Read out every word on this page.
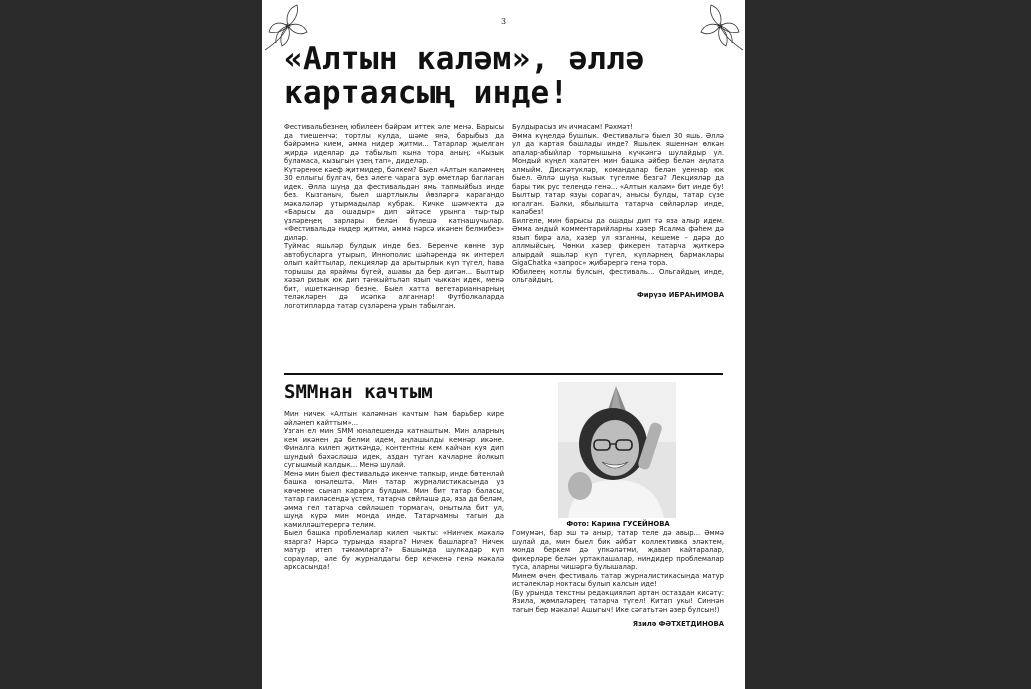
3
«Алтын каләм», әллә картаясың инде!

Фестивальбезнең юбилеен бәйрәм иттек әле менә. Барысы да тиешенчә: тортлы кулда, шәме янә, барыбыз да бәйрәмнә кием, әмма нидер җитми... Татарлар җыелган җирдә идеяләр дә табылып кына тора аның: «Кызык буламаса, кызыгын үзең тап», диделәр.

Күтәренке кәеф җитмидер, бәлкем? Быел «Алтын каләмнең 30 еллыгы булгач, без әлеге чарага зур өметләр баглаган идек. Әлла шуңа да фестивальдән ямь тапмыйбыз инде без. Кызганыч, быел шартлыклы йөзләргә карагандо мәкаләләр утырмадылар кубрак. Кичке шәмчектә дә «Барысы да ошадыр» дип әйтәсе урынга тыр-тыр үзләреңең зарлары белән бүлешә катнашучылар. «Фестивальдә нидер җитми, әмма нәрсә икәнен белмибез» диләр.

Туймас яшьләр булдык инде без. Беренче көнне зур автобусларга утырып, Иннополис шәһәрендә як интерел олып кайттылар, лекцияләр да арытырлык күп түгел, һава торышы да яраймы бүгей, ашавы да бер дигән... Былтыр хәзәл ризык юк дип тәнкыйтьләп язып чыккан идек, менә бит, ишеткәннәр безне. Быел хатта вегетарианнарның теләкләрен дә исәпкә алганнар! Футболкаларда логотипларда татар сүзләренә урын табылган.

Булдырасыз ич ичмасам! Рәхмәт!

Әмма күңелдә бушлык. Фестивальгә быел 30 яшь. Әллә ул да картая башлады инде? Яшьлек яшеннән өлкән апалар-абыйлар тормышына күчкәнгә шулайдыр ул. Мондый күңел халәтен мин башка әйбер белән аңлата алмыйм. Дискәтукләр, командалар белән уеннар юк быел. Әллә шуңа кызык түгелме безгә? Лекцияләр да бары тик рус телендә генә... «Алтын каләм» бит инде бу! Былтыр татар язуы сорагач, анысы булды, татар сүзе югалган. Бәлки, ябылышта татарча сөйләрләр инде, кәләбез!

Билгеле, мин барысы да ошады дип тә яза алыр идем. Әмма андый комментарийларны хәзер Ясалма фәһем дә язып бирә ала, хәзер ул язганны, кешеме – дәрә до аллмыйсың. Чөнки хәзер фикерен татарча җиткерә алырдай яшьләр күп түгел, күпләрнең бармаклары GigaChatka «запрос» җибәрергә генә тора.

Юбилеең котлы булсын, фестиваль... Ольгайдың инде, ольгайдың.

Фирүзә ИБРАҺИМОВА

SMMнан качтым

Мин ничек «Алтын каләмнән качтым һәм барьбер кире әйләнеп кайттым»...

Узган ел мин SMM юналешендә катнаштым. Мин аларның кем икәнен дә белми идем, аңлашылды кемнәр икәне. Финалга килеп җиткәндә, контентны кем кайчан куя дип шундый бәхәсләшә идек, аздан туган качларне йолкып сугышмый калдык... Менә шулай.

Менә мин быел фестивальдә икенче тапкыр, инде бөтенләй башка юнәлештә. Мин татар журналистикасында уз көчемне сынап карарга булдым. Мин бит татар баласы, татар гаиләсендә үстем, татарча сөйләшә дә, яза да беләм, әмма гел татарча сөйләшеп тормагач, онытыла бит ул, шуңа күрә мин монда инде. Татарчамны тагын да камилләштерергә телим.

Быел башка проблемалар килеп чыкты: «Нинчек мәкалә язарга? Нәрсә турында язарга? Ничек башларга? Ничек матур итеп тәмамларга?» Башымда шулкадәр күп сораулар, әле бу журналдагы бер кечкенә генә мәкалә арксасында!

Фото: Карина ГУСЕЙНОВА

Гомумән, бар эш тә аныр, татар теле дә авыр... Әммә шулай да, мин быел бик әйбәт коллективка эләктем, монда беркем дә упкәләтми, җавап кайтаралар, фикерләре белән уртаклашалар, ниндидер проблемалар туса, аларны чишәргә булышалар.

Минем өчен фестиваль татар журналистикасында матур истәлекләр ноктасы булып калсын иде!

(Бу урында текстны редакцияләп артан остаздан кисәтү: Язила, җөмләләрең татарча түгел! Китап укы! Синнән тагын бер мәкалә! Ашыгыч! Ике сәгатьтән әзер булсын!)

Язилә ФӘТХЕТДИНОВА
